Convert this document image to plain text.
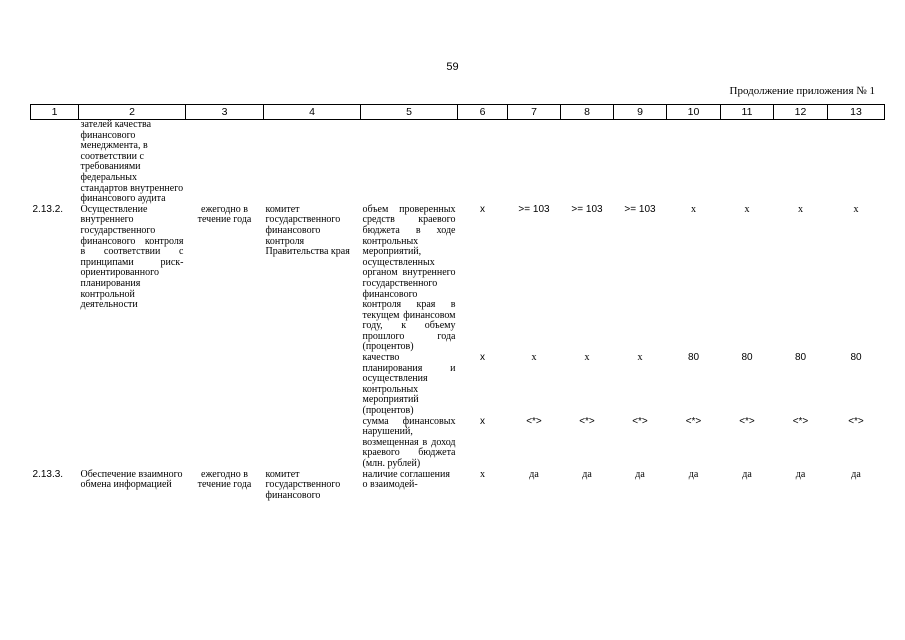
59
Продолжение приложения № 1
1	2	3	4	5	6	7	8	9	10	11	12	13
	зателей качества финансового менеджмента, в соответствии с требованиями федеральных стандартов внутреннего финансового аудита											
2.13.2.	Осуществление внутреннего государственного финансового контроля в соответствии с принципами риск-ориентированного планирования контрольной деятельности	ежегодно в течение года	комитет государственного финансового контроля Правительства края	объем проверенных средств краевого бюджета в ходе контрольных мероприятий, осуществленных органом внутреннего государственного финансового контроля края в текущем финансовом году, к объему прошлого года (процентов)	x	>= 103	>= 103	>= 103	x	x	x	x
				качество планирования и осуществления контрольных мероприятий (процентов)	x	x	x	x	80	80	80	80
				сумма финансовых нарушений, возмещенная в доход краевого бюджета (млн. рублей)	x	<*>	<*>	<*>	<*>	<*>	<*>	<*>
2.13.3.	Обеспечение взаимного обмена информацией	ежегодно в течение года	комитет государственного финансового	наличие соглашения о взаимодей-	x	да	да	да	да	да	да	да
